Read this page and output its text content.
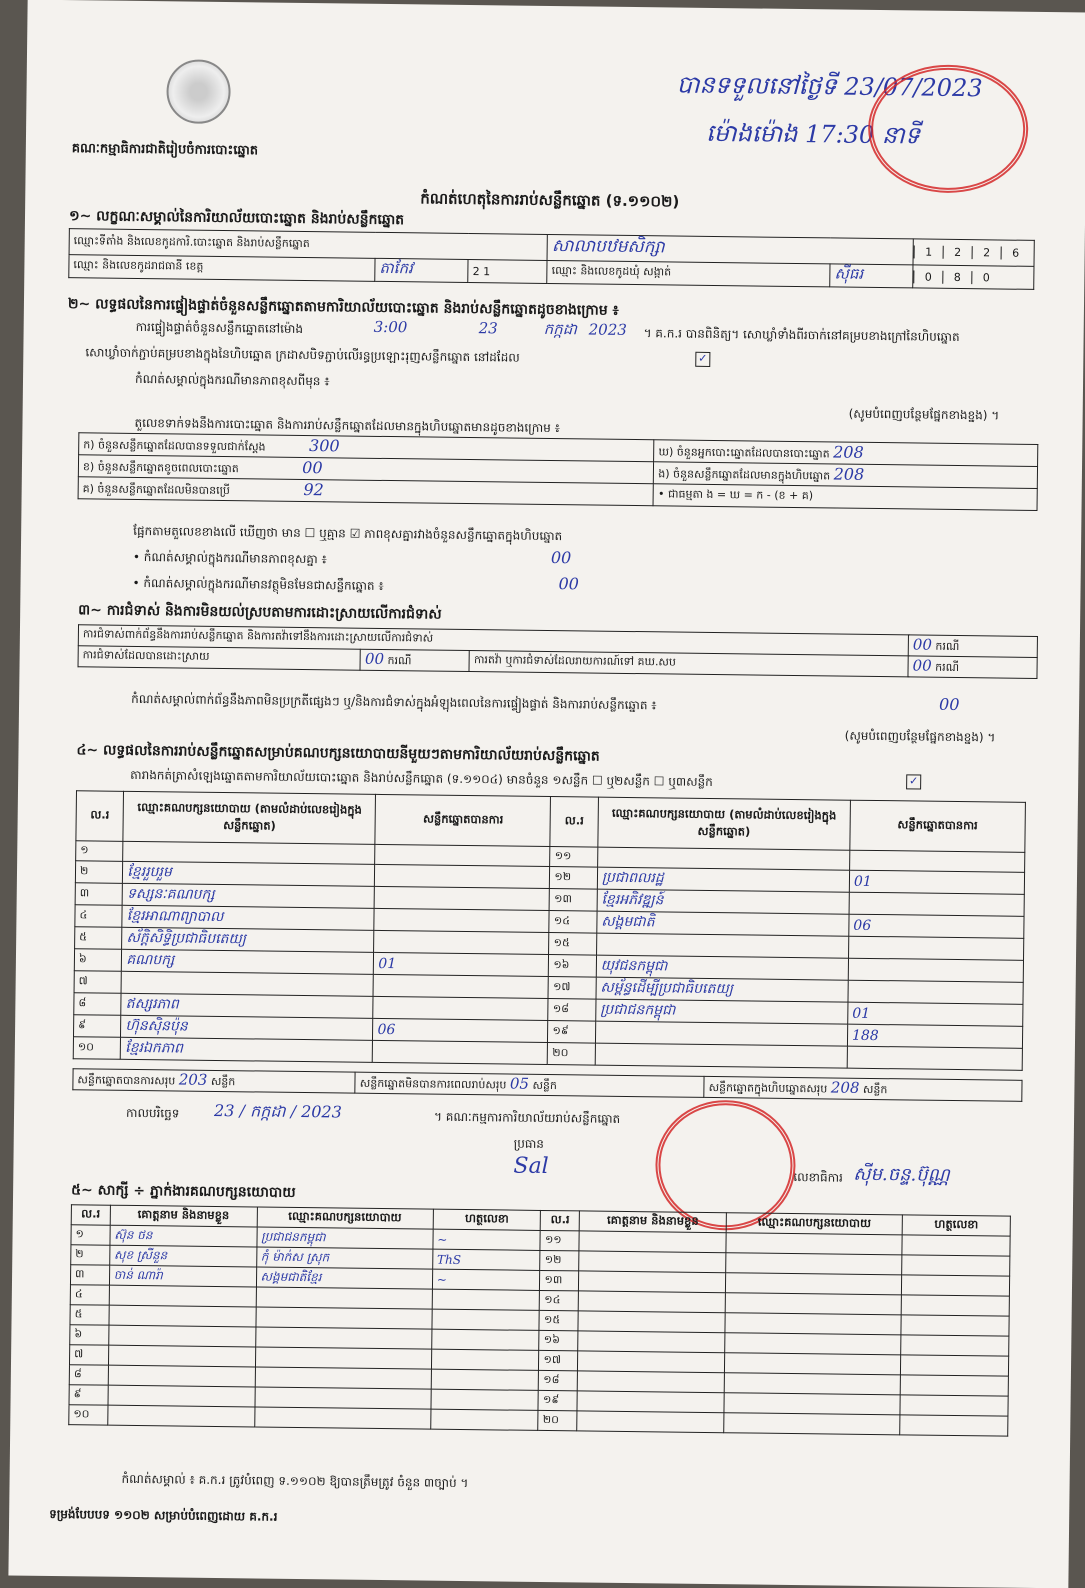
គណៈកម្មាធិការជាតិរៀបចំការបោះឆ្នោត
បានទទួលនៅថ្ងៃទី 23/07/2023
ម៉ោងម៉ោង 17:30 នាទី
កំណត់ហេតុនៃការរាប់សន្លឹកឆ្នោត (ទ.១១០២)
១~ លក្ខណៈសម្គាល់នៃការិយាល័យបោះឆ្នោត និងរាប់សន្លឹកឆ្នោត
ឈ្មោះទីតាំង និងលេខកូដការិ.បោះឆ្នោត និងរាប់សន្លឹកឆ្នោត			សាលាបឋមសិក្សា		1 2 2 6
ឈ្មោះ និងលេខកូដរាជធានី ខេត្ត	តាកែវ	2 1	ឈ្មោះ និងលេខកូដឃុំ សង្កាត់	ស៊ីធរ	0 8 0
២~ លទ្ធផលនៃការផ្ទៀងផ្ទាត់ចំនួនសន្លឹកឆ្នោតតាមការិយាល័យបោះឆ្នោត និងរាប់សន្លឹកឆ្នោតដូចខាងក្រោម ៖
ការផ្ទៀងផ្ទាត់ចំនួនសន្លឹកឆ្នោតនៅម៉ោង	3:00	23	កក្កដា 2023 ។ គ.ក.រ បានពិនិត្យ។ សោឃ្លាំទាំងពីរចាក់នៅគម្របខាងក្រៅនៃហិបឆ្នោត
សោឃ្លាំចាក់ភ្ជាប់គម្របខាងក្នុងនៃហិបឆ្នោត ក្រដាសបិទភ្ជាប់លើរន្ធប្រឡោះរុញសន្លឹកឆ្នោត នៅដដែល	✓
កំណត់សម្គាល់ក្នុងករណីមានភាពខុសពីមុន ៖
(សូមបំពេញបន្ថែមផ្នែកខាងខ្នង) ។
តួលេខទាក់ទងនឹងការបោះឆ្នោត និងការរាប់សន្លឹកឆ្នោតដែលមានក្នុងហិបឆ្នោតមានដូចខាងក្រោម ៖
ក) ចំនួនសន្លឹកឆ្នោតដែលបានទទួលជាក់ស្តែង 300	ឃ) ចំនួនអ្នកបោះឆ្នោតដែលបានបោះឆ្នោត 208
ខ) ចំនួនសន្លឹកឆ្នោតខូចពេលបោះឆ្នោត 00	ង) ចំនួនសន្លឹកឆ្នោតដែលមានក្នុងហិបឆ្នោត 208
គ) ចំនួនសន្លឹកឆ្នោតដែលមិនបានប្រើ 92	• ជាធម្មតា ង = ឃ = ក - (ខ + គ)
ផ្អែកតាមតួលេខខាងលើ ឃើញថា មាន ☐ ឬគ្មាន ☑ ភាពខុសគ្នារវាងចំនួនសន្លឹកឆ្នោតក្នុងហិបឆ្នោត
• កំណត់សម្គាល់ក្នុងករណីមានភាពខុសគ្នា ៖	00
• កំណត់សម្គាល់ក្នុងករណីមានវត្ថុមិនមែនជាសន្លឹកឆ្នោត ៖	00
៣~ ការជំទាស់ និងការមិនយល់ស្របតាមការដោះស្រាយលើការជំទាស់
ការជំទាស់ពាក់ព័ន្ធនឹងការរាប់សន្លឹកឆ្នោត និងការតវ៉ាទៅនឹងការដោះស្រាយលើការជំទាស់			00 ករណី
ការជំទាស់ដែលបានដោះស្រាយ	00 ករណី	ការតវ៉ា ឬការជំទាស់ដែលរាយការណ៍ទៅ គឃ.សប	00 ករណី
កំណត់សម្គាល់ពាក់ព័ន្ធនឹងភាពមិនប្រក្រតីផ្សេងៗ ឬ/និងការជំទាស់ក្នុងអំឡុងពេលនៃការផ្ទៀងផ្ទាត់ និងការរាប់សន្លឹកឆ្នោត ៖	00
(សូមបំពេញបន្ថែមផ្នែកខាងខ្នង) ។
៤~ លទ្ធផលនៃការរាប់សន្លឹកឆ្នោតសម្រាប់គណបក្សនយោបាយនីមួយៗតាមការិយាល័យរាប់សន្លឹកឆ្នោត
តារាងកត់ត្រាសំឡេងឆ្នោតតាមការិយាល័យបោះឆ្នោត និងរាប់សន្លឹកឆ្នោត (ទ.១១០៤) មានចំនួន ១សន្លឹក ☐ ឬ២សន្លឹក ☐ ឬ៣សន្លឹក	✓
ល.រ	ឈ្មោះគណបក្សនយោបាយ (តាមលំដាប់លេខរៀងក្នុងសន្លឹកឆ្នោត)	សន្លឹកឆ្នោតបានការ	ល.រ	ឈ្មោះគណបក្សនយោបាយ (តាមលំដាប់លេខរៀងក្នុងសន្លឹកឆ្នោត)	សន្លឹកឆ្នោតបានការ
១			១១		
២	ខ្មែររួបរួម		១២	ប្រជាពលរដ្ឋ	01
៣	ទស្សនៈគណបក្ស		១៣	ខ្មែរអភិវឌ្ឍន៍	
៤	ខ្មែរអាណាព្យាបាល		១៤	សង្គមជាតិ	06
៥	ស័ក្តិសិទ្ធិប្រជាធិបតេយ្យ		១៥		
៦	គណបក្ស	01	១៦	យុវជនកម្ពុជា	
៧			១៧	សម្ព័ន្ធដើម្បីប្រជាធិបតេយ្យ	
៨	ឥស្សរភាព		១៨	ប្រជាជនកម្ពុជា	01
៩	ហ៊ុនស៊ិនប៉ុន	06	១៩		188
១០	ខ្មែរឯកភាព		២០		
សន្លឹកឆ្នោតបានការសរុប 203 សន្លឹក	សន្លឹកឆ្នោតមិនបានការពេលរាប់សរុប 05 សន្លឹក	សន្លឹកឆ្នោតក្នុងហិបឆ្នោតសរុប 208 សន្លឹក
កាលបរិច្ឆេទ 23 / កក្កដា / 2023	។ គណៈកម្មការការិយាល័យរាប់សន្លឹកឆ្នោត
ប្រធាន
Sal	លេខាធិការ ស៊ីម.ចន្ទ.ប៊ុណ្ណ
៥~ សាក្សី ÷ ភ្នាក់ងារគណបក្សនយោបាយ
ល.រ	គោត្តនាម និងនាមខ្លួន	ឈ្មោះគណបក្សនយោបាយ	ហត្ថលេខា	ល.រ	គោត្តនាម និងនាមខ្លួន	ឈ្មោះគណបក្សនយោបាយ	ហត្ថលេខា
១	ស៊ុន ថន	ប្រជាជនកម្ពុជា	~	១១			
២	សុខ ស្រីនួន	កុំ ម៉ាក់ស ស្រុក	ThS	១២			
៣	ចាន់ ណារ៉ា	សង្គមជាតិខ្មែរ	~	១៣			
៤				១៤			
៥				១៥			
៦				១៦			
៧				១៧			
៨				១៨			
៩				១៩			
១០				២០			
កំណត់សម្គាល់ ៖ គ.ក.រ ត្រូវបំពេញ ទ.១១០២ ឱ្យបានត្រឹមត្រូវ ចំនួន ៣ច្បាប់ ។
ទម្រង់បែបបទ ១១០២ សម្រាប់បំពេញដោយ គ.ក.រ
